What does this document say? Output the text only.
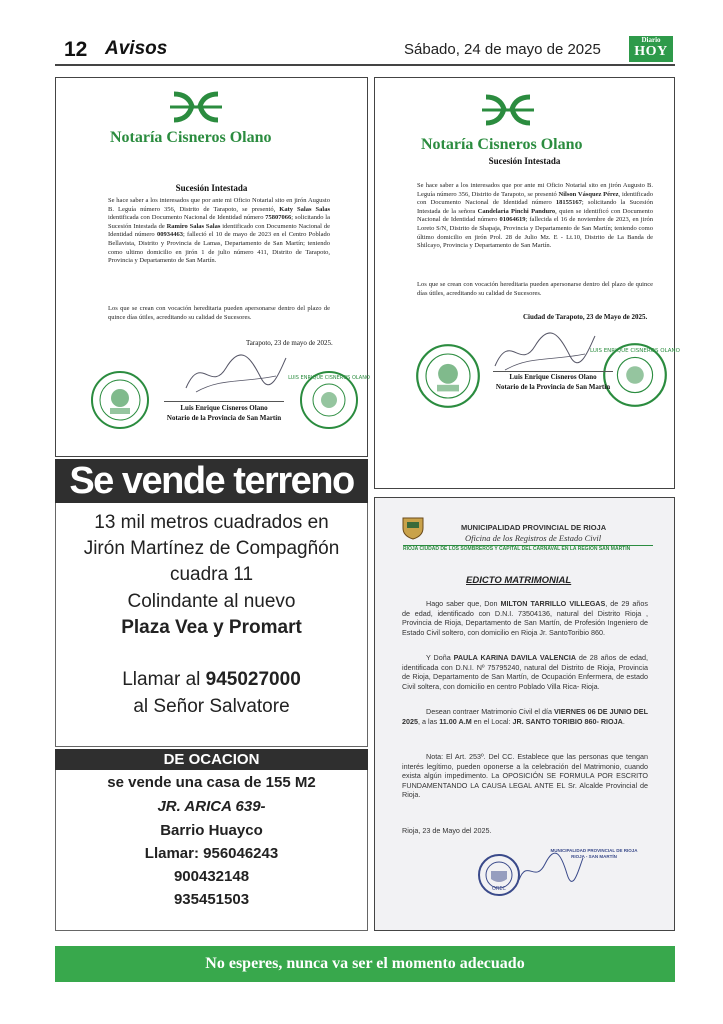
12 Avisos	Sábado, 24 de mayo de 2025
Diario
HOY
Notaría Cisneros Olano
Sucesión Intestada
Se hace saber a los interesados que por ante mi Oficio Notarial sito en jirón Augusto B. Leguía número 356, Distrito de Tarapoto, se presentó, Katy Salas Salas identificada con Documento Nacional de Identidad número 75807066; solicitando la Sucesión Intestada de Ramiro Salas Salas identificado con Documento Nacional de Identidad número 00934463; falleció el 10 de mayo de 2023 en el Centro Poblado Bellavista, Distrito y Provincia de Lamas, Departamento de San Martín; teniendo como ultimo domicilio en jirón 1 de julio número 411, Distrito de Tarapoto, Provincia y Departamento de San Martín.
Los que se crean con vocación hereditaria pueden apersonarse dentro del plazo de quince días útiles, acreditando su calidad de Sucesores.
Tarapoto, 23 de mayo de 2025.
LUIS ENRIQUE CISNEROS OLANO
Luis Enrique Cisneros Olano
Notario de la Provincia de San Martín
Notaría Cisneros Olano
Sucesión Intestada
Se hace saber a los interesados que por ante mi Oficio Notarial sito en jirón Augusto B. Leguía número 356, Distrito de Tarapoto, se presentó Nilson Vásquez Pérez, identificado con Documento Nacional de Identidad número 18155167; solicitando la Sucesión Intestada de la señora Candelaria Pinchi Panduro, quien se identificó con Documento Nacional de Identidad número 01064619; fallecida el 16 de noviembre de 2023, en jirón Loreto S/N, Distrito de Shapaja, Provincia y Departamento de San Martín; teniendo como último domicilio en jirón Prol. 28 de Julio Mz. E - Lt.10, Distrito de La Banda de Shilcayo, Provincia y Departamento de San Martín.
Los que se crean con vocación hereditaria pueden apersonarse dentro del plazo de quince días útiles, acreditando su calidad de Sucesores.
Ciudad de Tarapoto, 23 de Mayo de 2025.
LUIS ENRIQUE CISNEROS OLANO
Luis Enrique Cisneros Olano
Notario de la Provincia de San Martín
Se vende terreno
13 mil metros cuadrados en
Jirón Martínez de Compagñón
cuadra 11
Colindante al nuevo
Plaza Vea y Promart
Llamar al 945027000
al Señor Salvatore
DE OCACION
se vende una casa de 155 M2
JR. ARICA 639-
Barrio Huayco
Llamar: 956046243
900432148
935451503
MUNICIPALIDAD PROVINCIAL DE RIOJA
Oficina de los Registros de Estado Civil
RIOJA CIUDAD DE LOS SOMBREROS Y CAPITAL DEL CARNAVAL EN LA REGIÓN SAN MARTÍN
EDICTO MATRIMONIAL
Hago saber que, Don MILTON TARRILLO VILLEGAS, de 29 años de edad, identificado con D.N.I. 73504136, natural del Distrito Rioja , Provincia de Rioja, Departamento de San Martín, de Profesión Ingeniero de Estado Civil soltero, con domicilio en Rioja Jr. SantoToribio 860.
Y Doña PAULA KARINA DAVILA VALENCIA de 28 años de edad, identificada con D.N.I. Nº 75795240, natural del Distrito de Rioja, Provincia de Rioja, Departamento de San Martín, de Ocupación Enfermera, de estado Civil soltera, con domicilio en centro Poblado Villa Rica- Rioja.
Desean contraer Matrimonio Civil el día VIERNES 06 DE JUNIO DEL 2025, a las 11.00 A.M en el Local: JR. SANTO TORIBIO 860- RIOJA.
Nota: El Art. 253º. Del CC. Establece que las personas que tengan interés legítimo, pueden oponerse a la celebración del Matrimonio, cuando exista algún impedimento. La OPOSICIÓN SE FORMULA POR ESCRITO FUNDAMENTANDO LA CAUSA LEGAL ANTE EL Sr. Alcalde Provincial de Rioja.
Rioja, 23 de Mayo del 2025.
OREC
MUNICIPALIDAD PROVINCIAL DE RIOJA
RIOJA - SAN MARTÍN
No esperes, nunca va ser el momento adecuado
